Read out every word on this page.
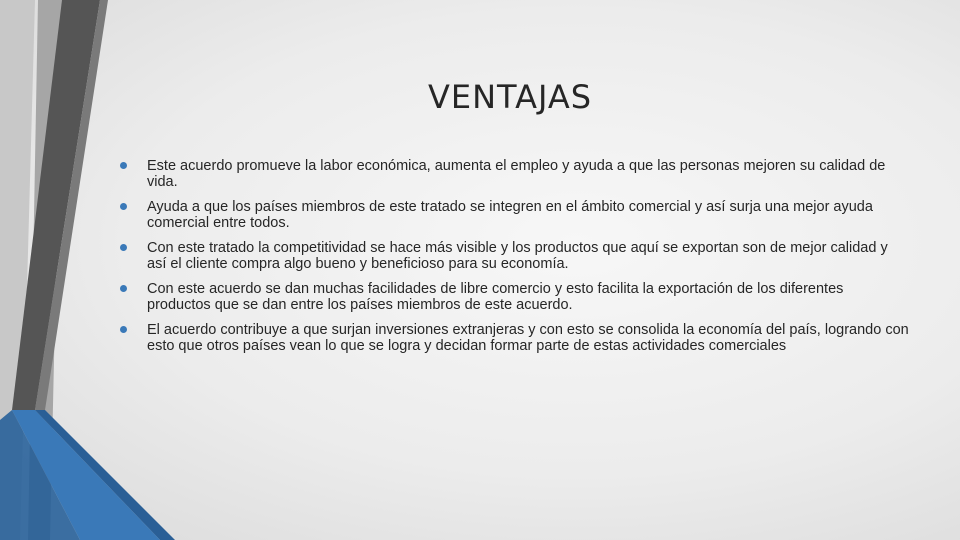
VENTAJAS
Este acuerdo promueve la labor económica, aumenta el empleo y ayuda a que las personas mejoren su calidad de vida.
Ayuda a que los países miembros de este tratado se integren en el ámbito comercial y así surja una mejor ayuda comercial entre todos.
Con este tratado la competitividad se hace más visible y los productos que aquí se exportan son de mejor calidad y así el cliente compra algo bueno y beneficioso para su economía.
Con este acuerdo se dan muchas facilidades de libre comercio y esto facilita la exportación de los diferentes productos que se dan entre los países miembros de este acuerdo.
El acuerdo contribuye a que surjan inversiones extranjeras y con esto se consolida la economía del país, logrando con esto que otros países vean lo que se logra y decidan formar parte de estas actividades comerciales
